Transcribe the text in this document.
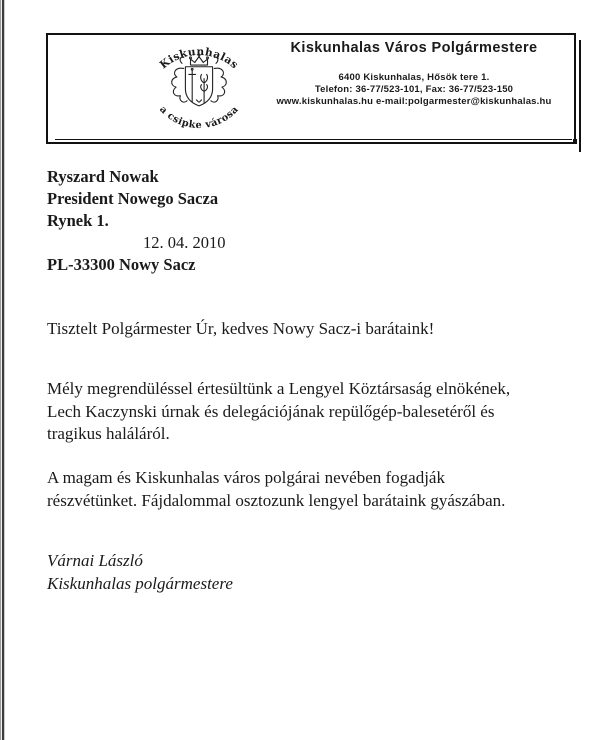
Kiskunhalas
a csipke városa
Kiskunhalas Város Polgármestere
6400 Kiskunhalas, Hősök tere 1.
Telefon: 36-77/523-101, Fax: 36-77/523-150
www.kiskunhalas.hu e-mail:polgarmester@kiskunhalas.hu
Ryszard Nowak
President Nowego Sacza
Rynek 1.
12. 04. 2010
PL-33300 Nowy Sacz
Tisztelt Polgármester Úr, kedves Nowy Sacz-i barátaink!
Mély megrendüléssel értesültünk a Lengyel Köztársaság elnökének,
Lech Kaczynski úrnak és delegációjának repülőgép-balesetéről és
tragikus haláláról.
A magam és Kiskunhalas város polgárai nevében fogadják
részvétünket. Fájdalommal osztozunk lengyel barátaink gyászában.
Várnai László
Kiskunhalas polgármestere
